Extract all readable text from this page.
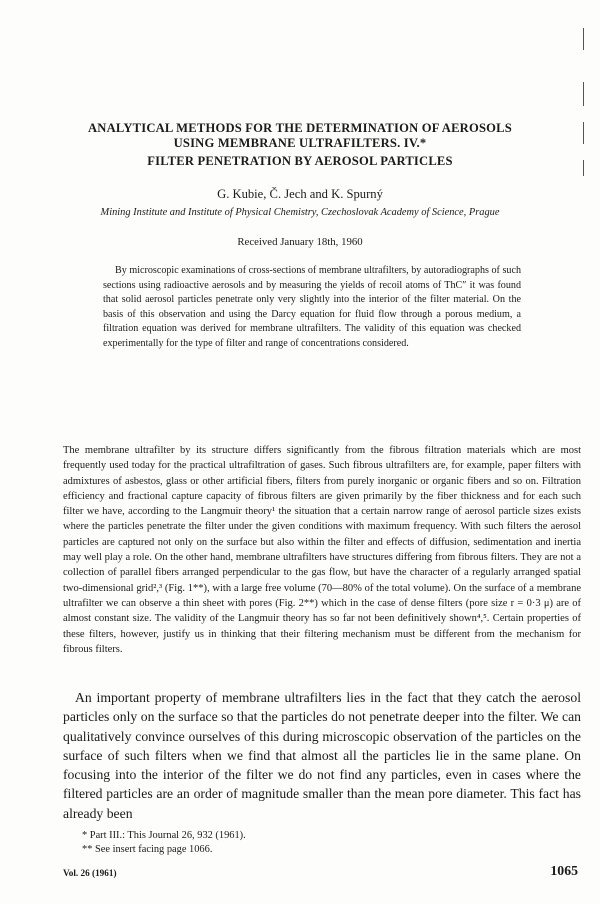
ANALYTICAL METHODS FOR THE DETERMINATION OF AEROSOLS
USING MEMBRANE ULTRAFILTERS. IV.*
FILTER PENETRATION BY AEROSOL PARTICLES

G. Kubie, Č. Jech and K. Spurný

Mining Institute and Institute of Physical Chemistry, Czechoslovak Academy of Science, Prague

Received January 18th, 1960

By microscopic examinations of cross-sections of membrane ultrafilters, by autoradiographs of such sections using radioactive aerosols and by measuring the yields of recoil atoms of ThC″ it was found that solid aerosol particles penetrate only very slightly into the interior of the filter material. On the basis of this observation and using the Darcy equation for fluid flow through a porous medium, a filtration equation was derived for membrane ultrafilters. The validity of this equation was checked experimentally for the type of filter and range of concentrations considered.

The membrane ultrafilter by its structure differs significantly from the fibrous filtration materials which are most frequently used today for the practical ultrafiltration of gases. Such fibrous ultrafilters are, for example, paper filters with admixtures of asbestos, glass or other artificial fibers, filters from purely inorganic or organic fibers and so on. Filtration efficiency and fractional capture capacity of fibrous filters are given primarily by the fiber thickness and for each such filter we have, according to the Langmuir theory¹ the situation that a certain narrow range of aerosol particle sizes exists where the particles penetrate the filter under the given conditions with maximum frequency. With such filters the aerosol particles are captured not only on the surface but also within the filter and effects of diffusion, sedimentation and inertia may well play a role. On the other hand, membrane ultrafilters have structures differing from fibrous filters. They are not a collection of parallel fibers arranged perpendicular to the gas flow, but have the character of a regularly arranged spatial two-dimensional grid²,³ (Fig. 1**), with a large free volume (70—80% of the total volume). On the surface of a membrane ultrafilter we can observe a thin sheet with pores (Fig. 2**) which in the case of dense filters (pore size r = 0·3 μ) are of almost constant size. The validity of the Langmuir theory has so far not been definitively shown⁴,⁵. Certain properties of these filters, however, justify us in thinking that their filtering mechanism must be different from the mechanism for fibrous filters.

An important property of membrane ultrafilters lies in the fact that they catch the aerosol particles only on the surface so that the particles do not penetrate deeper into the filter. We can qualitatively convince ourselves of this during microscopic observation of the particles on the surface of such filters when we find that almost all the particles lie in the same plane. On focusing into the interior of the filter we do not find any particles, even in cases where the filtered particles are an order of magnitude smaller than the mean pore diameter. This fact has already been

* Part III.: This Journal 26, 932 (1961).

** See insert facing page 1066.

Vol. 26 (1961)	1065
